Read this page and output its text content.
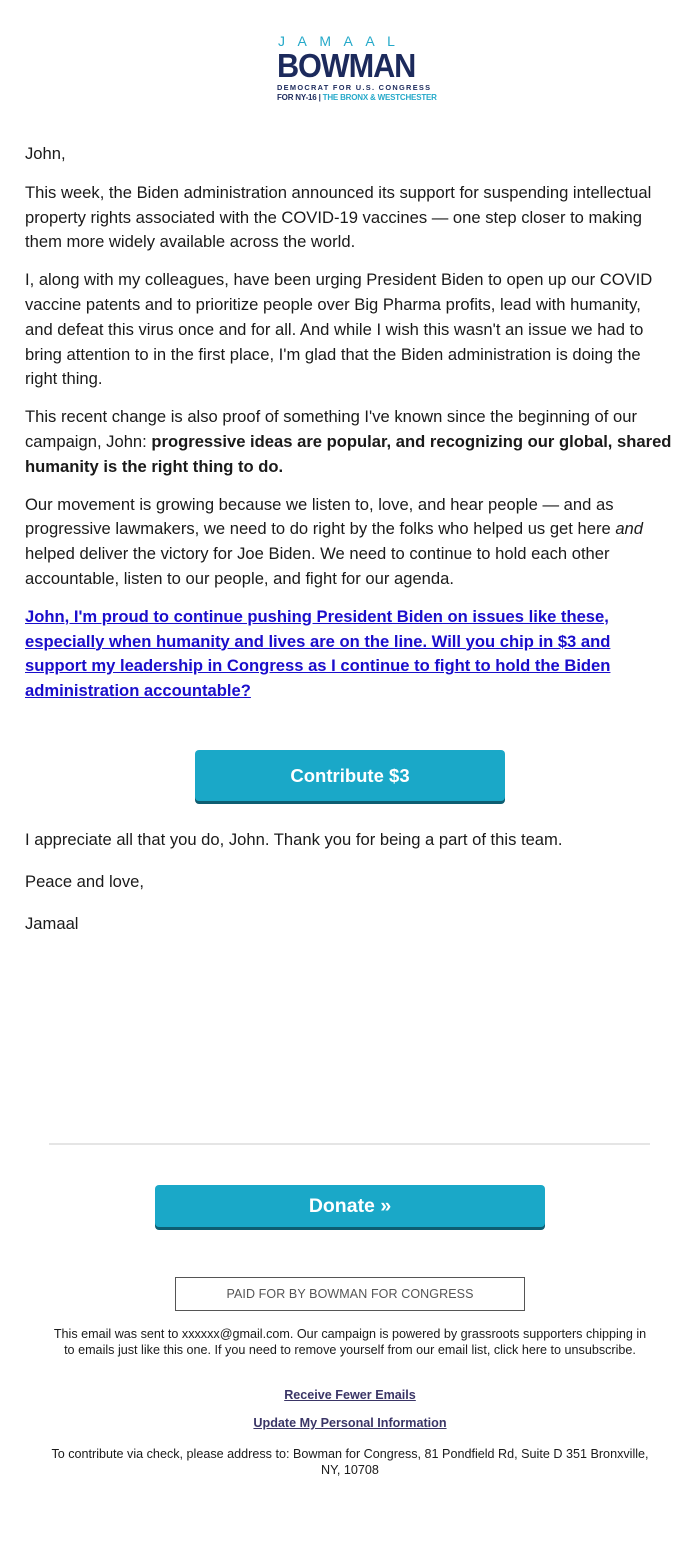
JAMAAL
BOWMAN
DEMOCRAT FOR U.S. CONGRESS
FOR NY-16 | THE BRONX & WESTCHESTER

John,

This week, the Biden administration announced its support for suspending intellectual property rights associated with the COVID-19 vaccines — one step closer to making them more widely available across the world.

I, along with my colleagues, have been urging President Biden to open up our COVID vaccine patents and to prioritize people over Big Pharma profits, lead with humanity, and defeat this virus once and for all. And while I wish this wasn't an issue we had to bring attention to in the first place, I'm glad that the Biden administration is doing the right thing.

This recent change is also proof of something I've known since the beginning of our campaign, John: progressive ideas are popular, and recognizing our global, shared humanity is the right thing to do.

Our movement is growing because we listen to, love, and hear people — and as progressive lawmakers, we need to do right by the folks who helped us get here and helped deliver the victory for Joe Biden. We need to continue to hold each other accountable, listen to our people, and fight for our agenda.

John, I'm proud to continue pushing President Biden on issues like these, especially when humanity and lives are on the line. Will you chip in $3 and support my leadership in Congress as I continue to fight to hold the Biden administration accountable?

Contribute $3

I appreciate all that you do, John. Thank you for being a part of this team.

Peace and love,

Jamaal

Donate »
PAID FOR BY BOWMAN FOR CONGRESS
This email was sent to xxxxxx@gmail.com. Our campaign is powered by grassroots supporters chipping in to emails just like this one. If you need to remove yourself from our email list, click here to unsubscribe.
Receive Fewer Emails
Update My Personal Information
To contribute via check, please address to: Bowman for Congress, 81 Pondfield Rd, Suite D 351 Bronxville, NY, 10708
